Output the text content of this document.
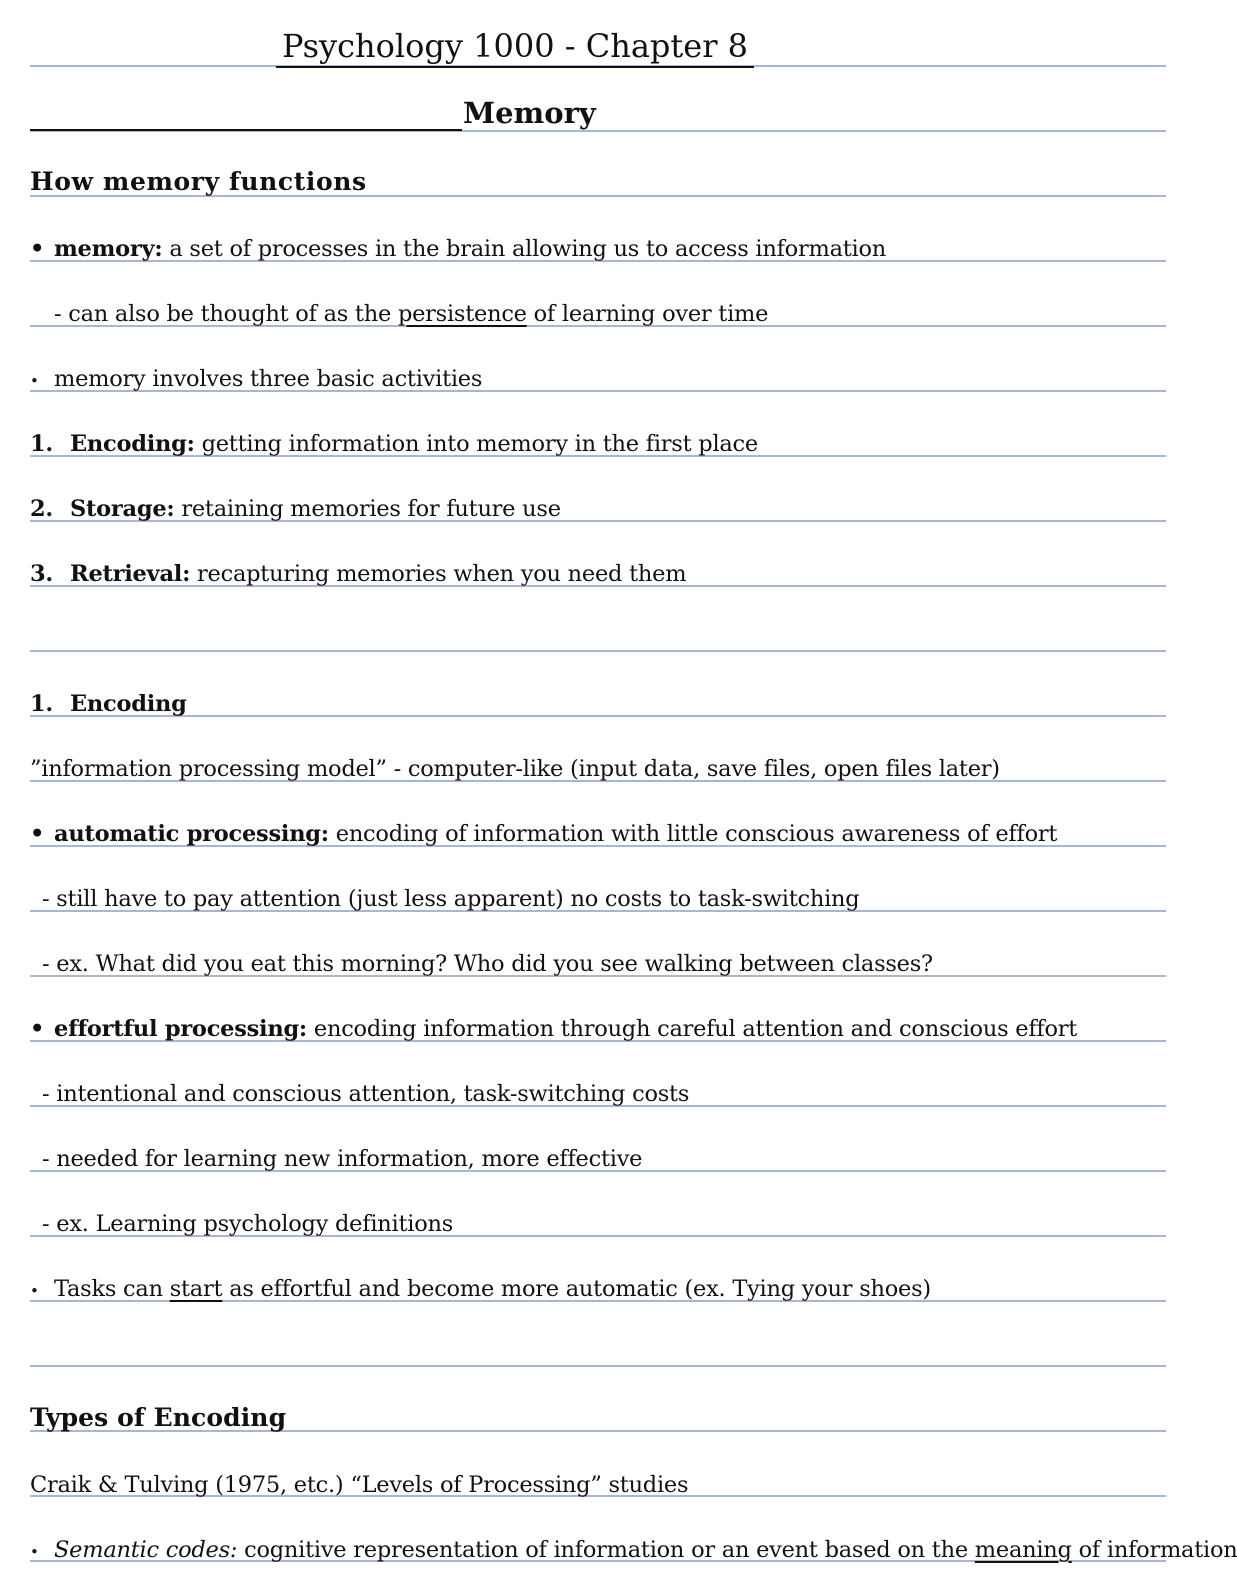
Psychology 1000 - Chapter 8
Memory
How memory functions
• memory: a set of processes in the brain allowing us to access information
- can also be thought of as the persistence of learning over time
• memory involves three basic activities
1. Encoding: getting information into memory in the first place
2. Storage: retaining memories for future use
3. Retrieval: recapturing memories when you need them
1. Encoding
”information processing model” - computer-like (input data, save files, open files later)
• automatic processing: encoding of information with little conscious awareness of effort
- still have to pay attention (just less apparent) no costs to task-switching
- ex. What did you eat this morning? Who did you see walking between classes?
• effortful processing: encoding information through careful attention and conscious effort
- intentional and conscious attention, task-switching costs
- needed for learning new information, more effective
- ex. Learning psychology definitions
• Tasks can start as effortful and become more automatic (ex. Tying your shoes)
Types of Encoding
Craik & Tulving (1975, etc.) “Levels of Processing” studies
• Semantic codes: cognitive representation of information or an event based on the meaning of information
